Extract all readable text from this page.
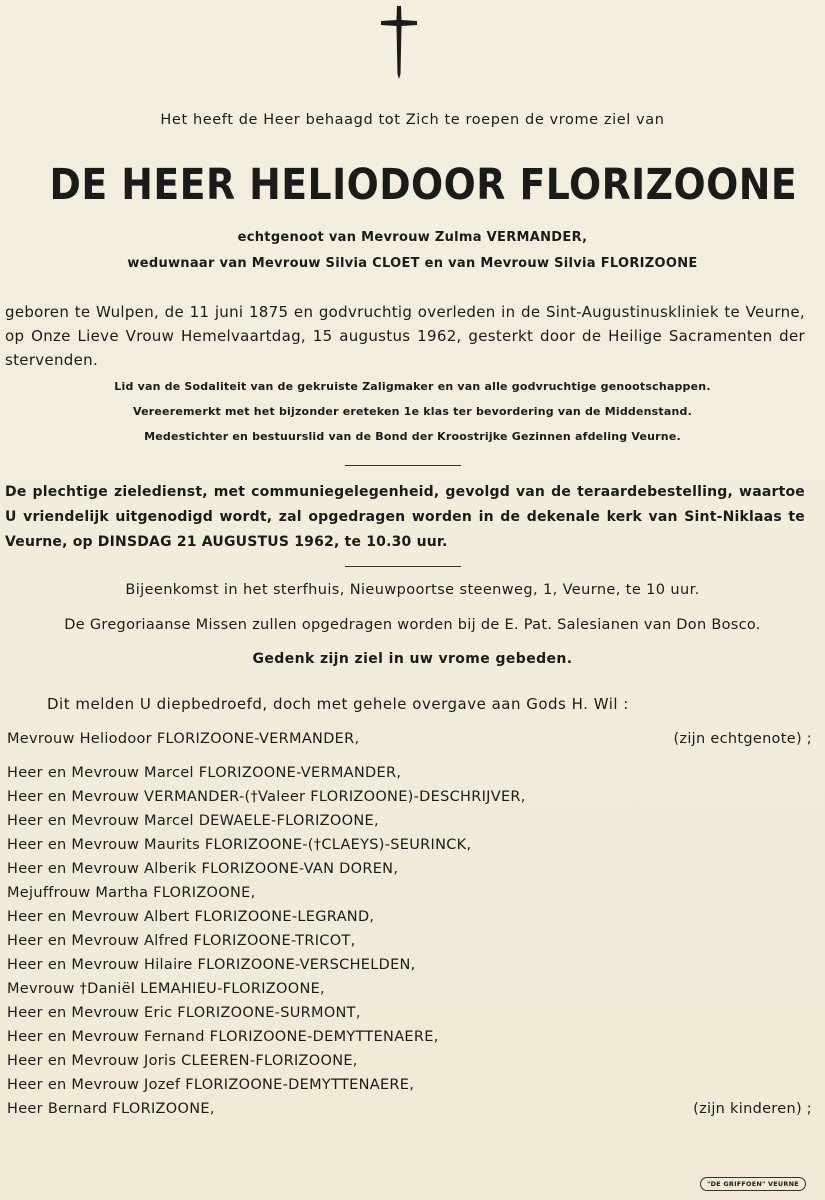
Het heeft de Heer behaagd tot Zich te roepen de vrome ziel van
DE HEER HELIODOOR FLORIZOONE
echtgenoot van Mevrouw Zulma VERMANDER,
weduwnaar van Mevrouw Silvia CLOET en van Mevrouw Silvia FLORIZOONE
geboren te Wulpen, de 11 juni 1875 en godvruchtig overleden in de Sint-Augustinuskliniek te Veurne, op Onze Lieve Vrouw Hemelvaartdag, 15 augustus 1962, gesterkt door de Heilige Sacramenten der stervenden.
Lid van de Sodaliteit van de gekruiste Zaligmaker en van alle godvruchtige genootschappen.
Vereeremerkt met het bijzonder ereteken 1e klas ter bevordering van de Middenstand.
Medestichter en bestuurslid van de Bond der Kroostrijke Gezinnen afdeling Veurne.
De plechtige zieledienst, met communiegelegenheid, gevolgd van de teraardebestelling, waartoe U vriendelijk uitgenodigd wordt, zal opgedragen worden in de dekenale kerk van Sint-Niklaas te Veurne, op DINSDAG 21 AUGUSTUS 1962, te 10.30 uur.
Bijeenkomst in het sterfhuis, Nieuwpoortse steenweg, 1, Veurne, te 10 uur.
De Gregoriaanse Missen zullen opgedragen worden bij de E. Pat. Salesianen van Don Bosco.
Gedenk zijn ziel in uw vrome gebeden.
Dit melden U diepbedroefd, doch met gehele overgave aan Gods H. Wil :
Mevrouw Heliodoor FLORIZOONE-VERMANDER,	(zijn echtgenote) ;
Heer en Mevrouw Marcel FLORIZOONE-VERMANDER,
Heer en Mevrouw VERMANDER-(†Valeer FLORIZOONE)-DESCHRIJVER,
Heer en Mevrouw Marcel DEWAELE-FLORIZOONE,
Heer en Mevrouw Maurits FLORIZOONE-(†CLAEYS)-SEURINCK,
Heer en Mevrouw Alberik FLORIZOONE-VAN DOREN,
Mejuffrouw Martha FLORIZOONE,
Heer en Mevrouw Albert FLORIZOONE-LEGRAND,
Heer en Mevrouw Alfred FLORIZOONE-TRICOT,
Heer en Mevrouw Hilaire FLORIZOONE-VERSCHELDEN,
Mevrouw †Daniël LEMAHIEU-FLORIZOONE,
Heer en Mevrouw Eric FLORIZOONE-SURMONT,
Heer en Mevrouw Fernand FLORIZOONE-DEMYTTENAERE,
Heer en Mevrouw Joris CLEEREN-FLORIZOONE,
Heer en Mevrouw Jozef FLORIZOONE-DEMYTTENAERE,
Heer Bernard FLORIZOONE,	(zijn kinderen) ;
"DE GRIFFOEN" VEURNE
